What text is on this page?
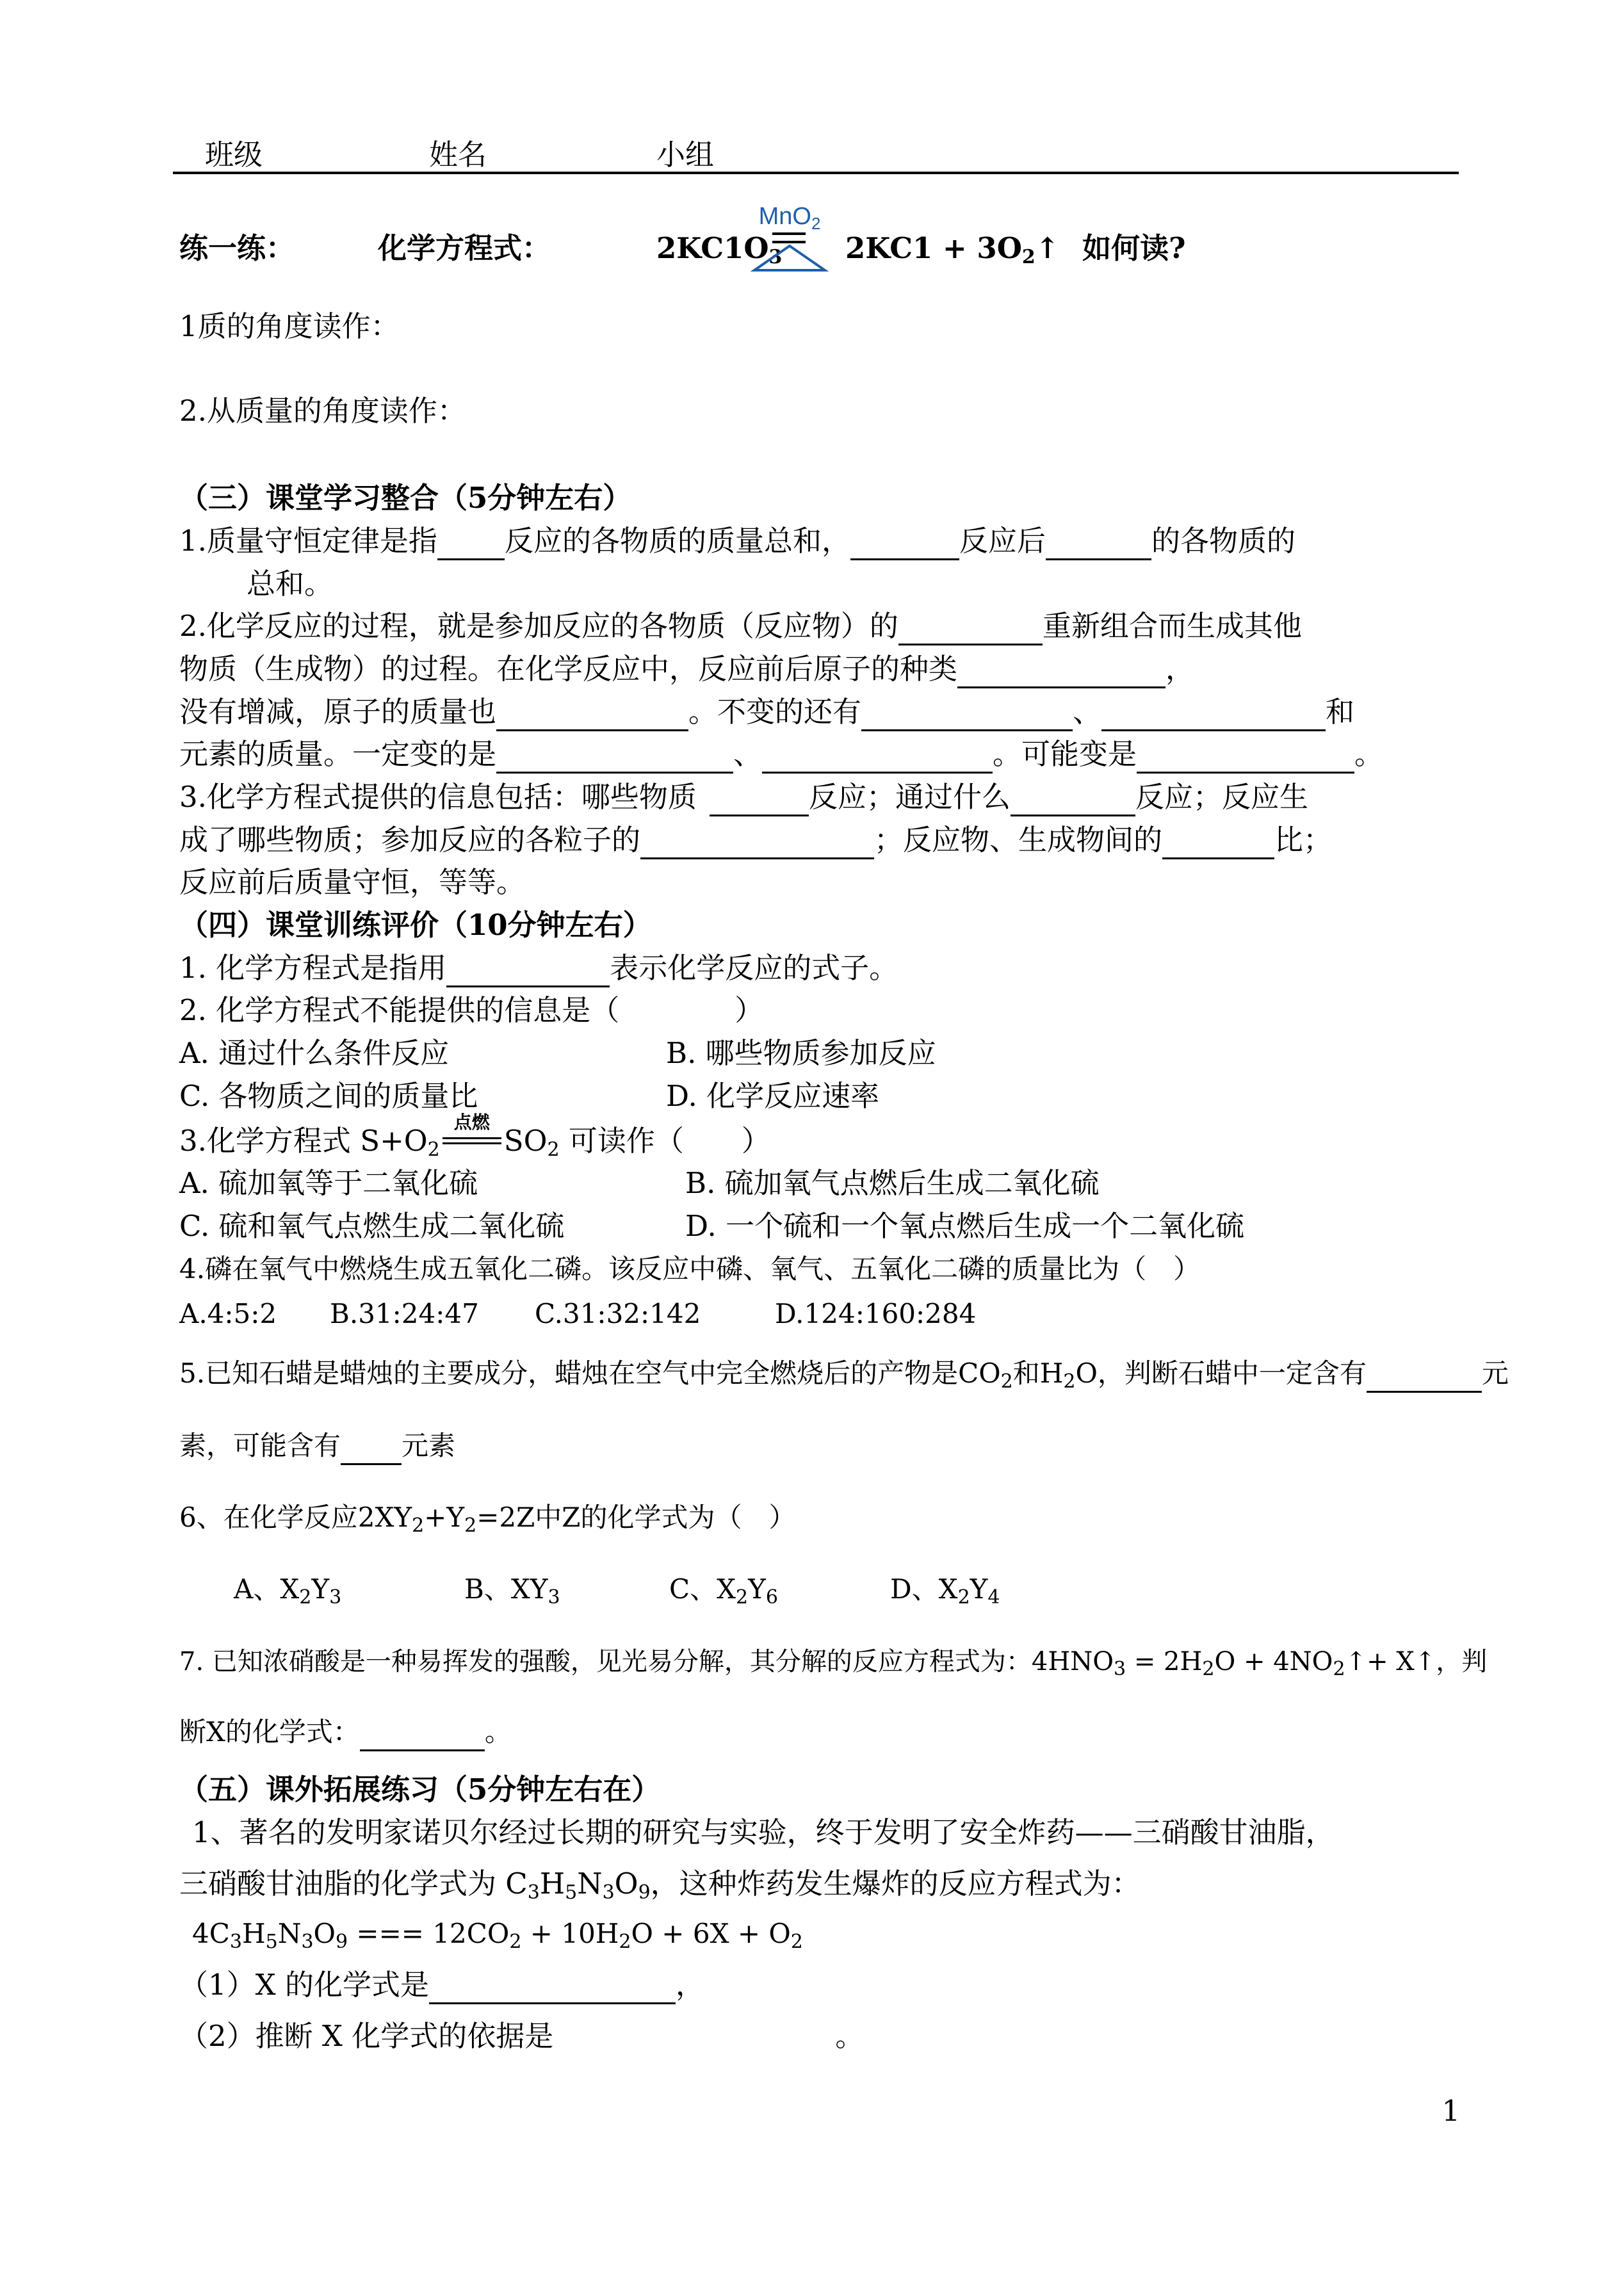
班级	姓名	小组
练一练：	化学方程式：	$2KC1O_3$
MnO$_2$
$2KC1 + 3O_2↑$ 如何读?
1质的角度读作：
2.从质量的角度读作：
（三）课堂学习整合（5分钟左右）
1.质量守恒定律是指 反应的各物质的质量总和，	反应后	的各物质的
总和。
2.化学反应的过程，就是参加反应的各物质（反应物）的	重新组合而生成其他
物质（生成物）的过程。在化学反应中，反应前后原子的种类	，
没有增减，原子的质量也	。不变的还有	、	和
元素的质量。一定变的是	、	。可能变是	。
3.化学方程式提供的信息包括：哪些物质	反应；通过什么	反应；反应生
成了哪些物质；参加反应的各粒子的	；反应物、生成物间的	比；
反应前后质量守恒，等等。
（四）课堂训练评价（10分钟左右）
1. 化学方程式是指用	表示化学反应的式子。
2. 化学方程式不能提供的信息是（　　　　）
A. 通过什么条件反应	B. 哪些物质参加反应
C. 各物质之间的质量比	D. 化学反应速率
3.化学方程式 $S+O_2$
点燃
$SO_2$ 可读作（　　）
A. 硫加氧等于二氧化硫	B. 硫加氧气点燃后生成二氧化硫
C. 硫和氧气点燃生成二氧化硫	D. 一个硫和一个氧点燃后生成一个二氧化硫
4.磷在氧气中燃烧生成五氧化二磷。该反应中磷、氧气、五氧化二磷的质量比为（　）
A.4:5:2 B.31:24:47 C.31:32:142	D.124:160:284
5.已知石蜡是蜡烛的主要成分，蜡烛在空气中完全燃烧后的产物是$CO_2$和$H_2O$，判断石蜡中一定含有	元
素，可能含有 元素
6、在化学反应$2XY_2+Y_2=2Z$中Z的化学式为（　）
A、$X_2Y_3$	B、$XY_3$	C、$X_2Y_6$	D、$X_2Y_4$
7. 已知浓硝酸是一种易挥发的强酸，见光易分解，其分解的反应方程式为：$4HNO_3 = 2H_2O$ + $4NO_2↑+$ X↑，判
断X的化学式：	。
（五）课外拓展练习（5分钟左右在）
1、著名的发明家诺贝尔经过长期的研究与实验，终于发明了安全炸药——三硝酸甘油脂，
三硝酸甘油脂的化学式为 $C_3H_5N_3O_9$，这种炸药发生爆炸的反应方程式为：
$4C_3H_5N_3O_9$ === $12CO_2 + 10H_2O + 6X + O_2$
（1）X 的化学式是	，
（2）推断 X 化学式的依据是	。
1
